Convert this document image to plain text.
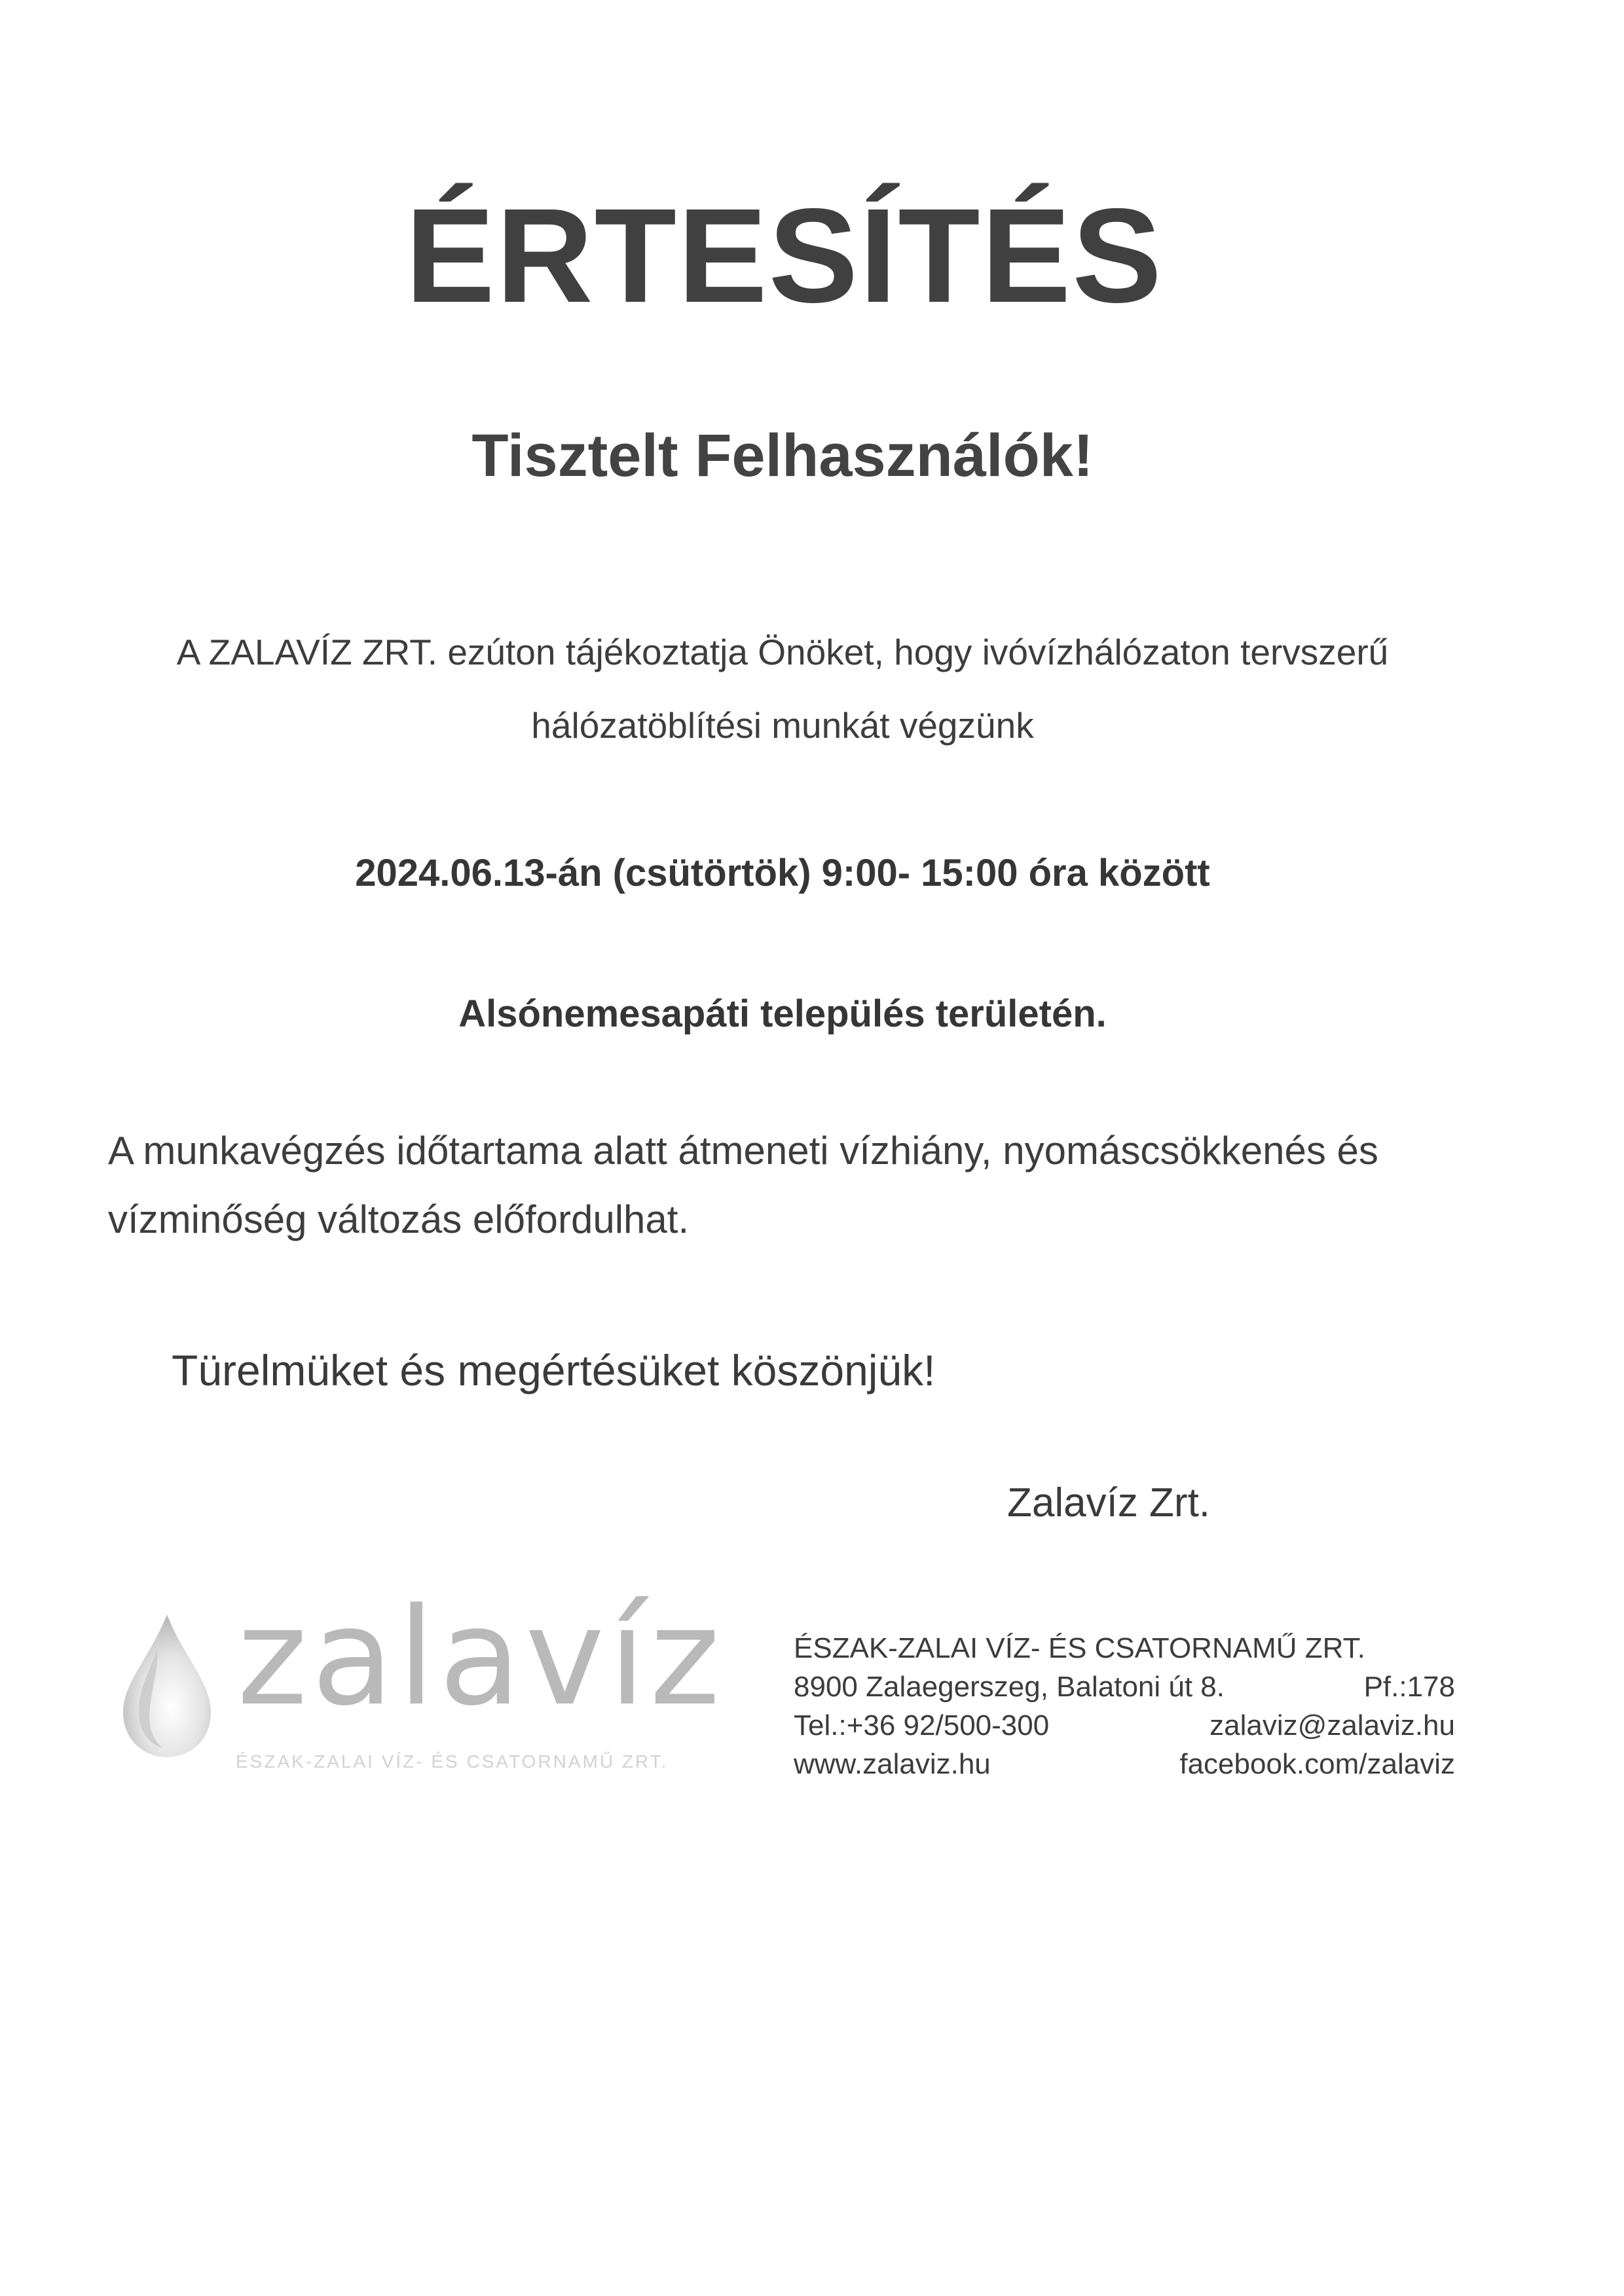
ÉRTESÍTÉS
Tisztelt Felhasználók!
A ZALAVÍZ ZRT. ezúton tájékoztatja Önöket, hogy ivóvízhálózaton tervszerű
hálózatöblítési munkát végzünk
2024.06.13-án (csütörtök) 9:00- 15:00 óra között
Alsónemesapáti település területén.
A munkavégzés időtartama alatt átmeneti vízhiány, nyomáscsökkenés és
vízminőség változás előfordulhat.
Türelmüket és megértésüket köszönjük!
Zalavíz Zrt.
zalavíz
ÉSZAK-ZALAI VÍZ- ÉS CSATORNAMŰ ZRT.
ÉSZAK-ZALAI VÍZ- ÉS CSATORNAMŰ ZRT.
8900 Zalaegerszeg, Balatoni út 8.	Pf.:178
Tel.:+36 92/500-300	zalaviz@zalaviz.hu
www.zalaviz.hu	facebook.com/zalaviz
